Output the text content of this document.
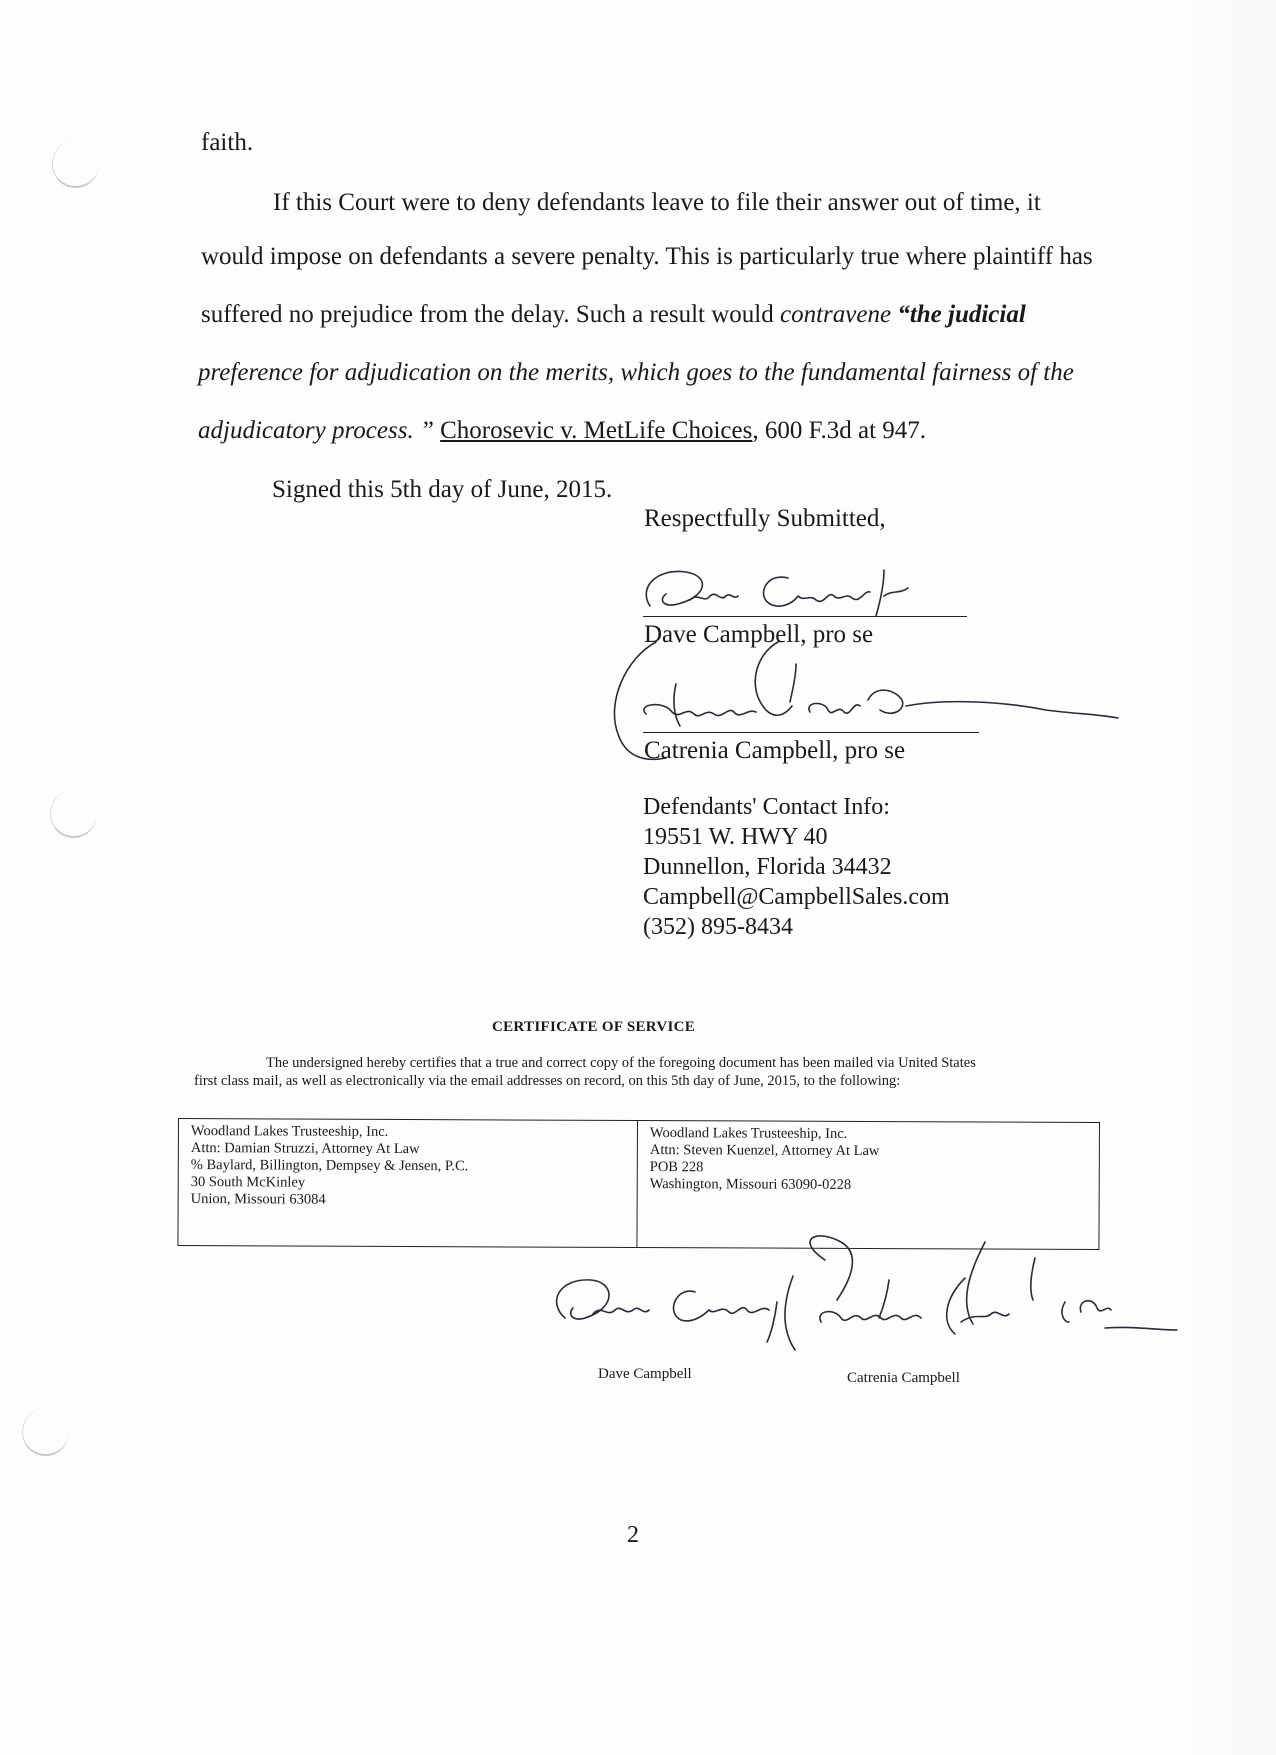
faith.
If this Court were to deny defendants leave to file their answer out of time, it
would impose on defendants a severe penalty. This is particularly true where plaintiff has
suffered no prejudice from the delay. Such a result would contravene “the judicial
preference for adjudication on the merits, which goes to the fundamental fairness of the
adjudicatory process. ” Chorosevic v. MetLife Choices, 600 F.3d at 947.
Signed this 5th day of June, 2015.
Respectfully Submitted,
Dave Campbell, pro se
Catrenia Campbell, pro se
Defendants' Contact Info:
19551 W. HWY 40
Dunnellon, Florida 34432
Campbell@CampbellSales.com
(352) 895-8434
CERTIFICATE OF SERVICE
The undersigned hereby certifies that a true and correct copy of the foregoing document has been mailed via United States
first class mail, as well as electronically via the email addresses on record, on this 5th day of June, 2015, to the following:
Woodland Lakes Trusteeship, Inc.
Attn: Damian Struzzi, Attorney At Law
% Baylard, Billington, Dempsey & Jensen, P.C.
30 South McKinley
Union, Missouri 63084
Woodland Lakes Trusteeship, Inc.
Attn: Steven Kuenzel, Attorney At Law
POB 228
Washington, Missouri 63090-0228
Dave Campbell	Catrenia Campbell
2
